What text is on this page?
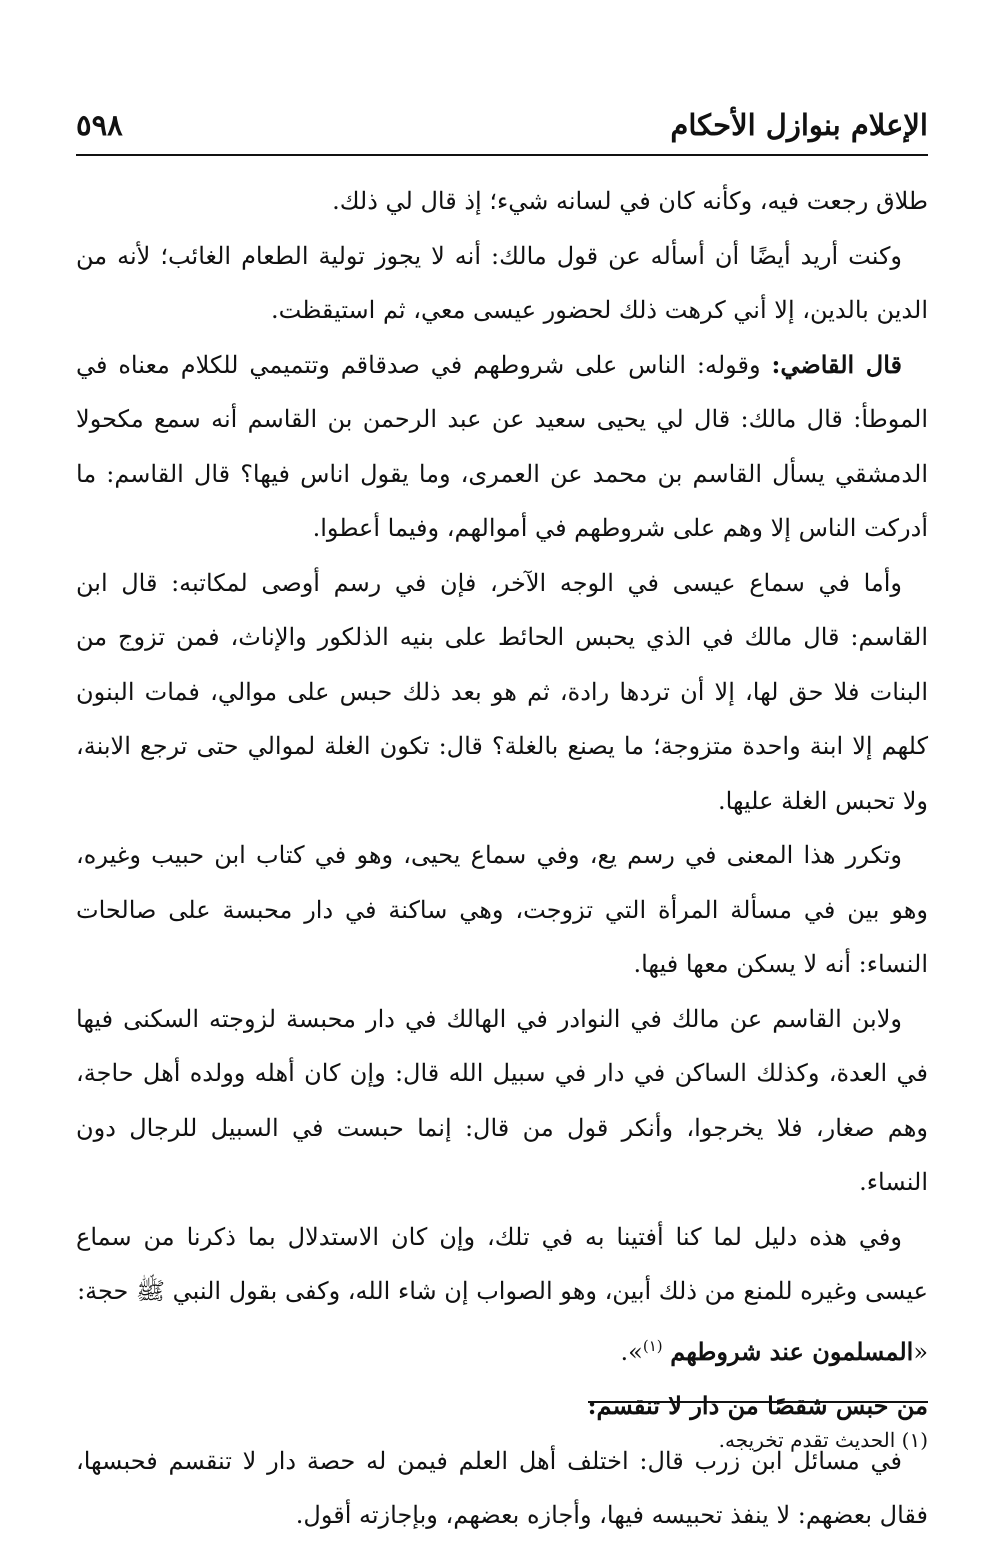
الإعلام بنوازل الأحكام
٥٩٨

طلاق رجعت فيه، وكأنه كان في لسانه شيء؛ إذ قال لي ذلك.

وكنت أريد أيضًا أن أسأله عن قول مالك: أنه لا يجوز تولية الطعام الغائب؛ لأنه من الدين بالدين، إلا أني كرهت ذلك لحضور عيسى معي، ثم استيقظت.

قال القاضي: وقوله: الناس على شروطهم في صدقاقم وتتميمي للكلام معناه في الموطأ: قال مالك: قال لي يحيى سعيد عن عبد الرحمن بن القاسم أنه سمع مكحولا الدمشقي يسأل القاسم بن محمد عن العمرى، وما يقول اناس فيها؟ قال القاسم: ما أدركت الناس إلا وهم على شروطهم في أموالهم، وفيما أعطوا.

وأما في سماع عيسى في الوجه الآخر، فإن في رسم أوصى لمكاتبه: قال ابن القاسم: قال مالك في الذي يحبس الحائط على بنيه الذلكور والإناث، فمن تزوج من البنات فلا حق لها، إلا أن تردها رادة، ثم هو بعد ذلك حبس على موالي، فمات البنون كلهم إلا ابنة واحدة متزوجة؛ ما يصنع بالغلة؟ قال: تكون الغلة لموالي حتى ترجع الابنة، ولا تحبس الغلة عليها.

وتكرر هذا المعنى في رسم يع، وفي سماع يحيى، وهو في كتاب ابن حبيب وغيره، وهو بين في مسألة المرأة التي تزوجت، وهي ساكنة في دار محبسة على صالحات النساء: أنه لا يسكن معها فيها.

ولابن القاسم عن مالك في النوادر في الهالك في دار محبسة لزوجته السكنى فيها في العدة، وكذلك الساكن في دار في سبيل الله قال: وإن كان أهله وولده أهل حاجة، وهم صغار، فلا يخرجوا، وأنكر قول من قال: إنما حبست في السبيل للرجال دون النساء.

وفي هذه دليل لما كنا أفتينا به في تلك، وإن كان الاستدلال بما ذكرنا من سماع عيسى وغيره للمنع من ذلك أبين، وهو الصواب إن شاء الله، وكفى بقول النبي ﷺ حجة:

«المسلمون عند شروطهم $^{(١)}$».

من حبس شقصًا من دار لا تنقسم:

في مسائل ابن زرب قال: اختلف أهل العلم فيمن له حصة دار لا تنقسم فحبسها، فقال بعضهم: لا ينفذ تحبيسه فيها، وأجازه بعضهم، وبإجازته أقول.

(١) الحديث تقدم تخريجه.
